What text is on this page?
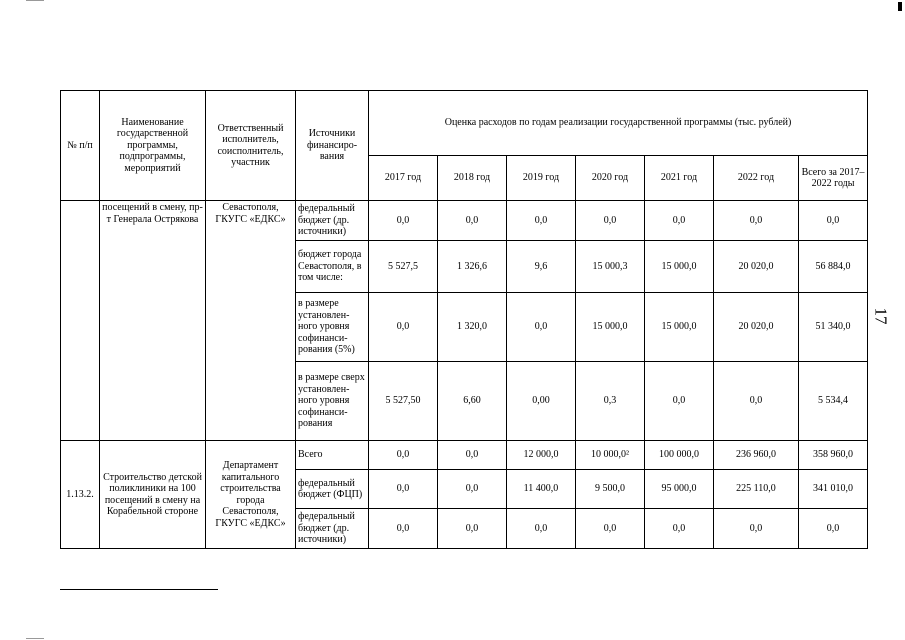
№ п/п	Наименование государственной программы, подпрограммы, мероприятий	Ответственный исполнитель, соисполнитель, участник	Источники финансиро-вания	Оценка расходов по годам реализации государственной программы (тыс. рублей)						
				2017 год	2018 год	2019 год	2020 год	2021 год	2022 год	Всего за 2017–2022 годы
	посещений в смену, пр-т Генерала Острякова	Севастополя, ГКУГС «ЕДКС»	федеральный бюджет (др. источники)	0,0	0,0	0,0	0,0	0,0	0,0	0,0
			бюджет города Севастополя, в том числе:	5 527,5	1 326,6	9,6	15 000,3	15 000,0	20 020,0	56 884,0
			в размере установлен-ного уровня софинанси-рования (5%)	0,0	1 320,0	0,0	15 000,0	15 000,0	20 020,0	51 340,0
			в размере сверх установлен-ного уровня софинанси-рования	5 527,50	6,60	0,00	0,3	0,0	0,0	5 534,4
1.13.2.	Строительство детской поликлиники на 100 посещений в смену на Корабельной стороне	Департамент капитального строительства города Севастополя, ГКУГС «ЕДКС»	Всего	0,0	0,0	12 000,0	10 000,0²	100 000,0	236 960,0	358 960,0
			федеральный бюджет (ФЦП)	0,0	0,0	11 400,0	9 500,0	95 000,0	225 110,0	341 010,0
			федеральный бюджет (др. источники)	0,0	0,0	0,0	0,0	0,0	0,0	0,0
17
